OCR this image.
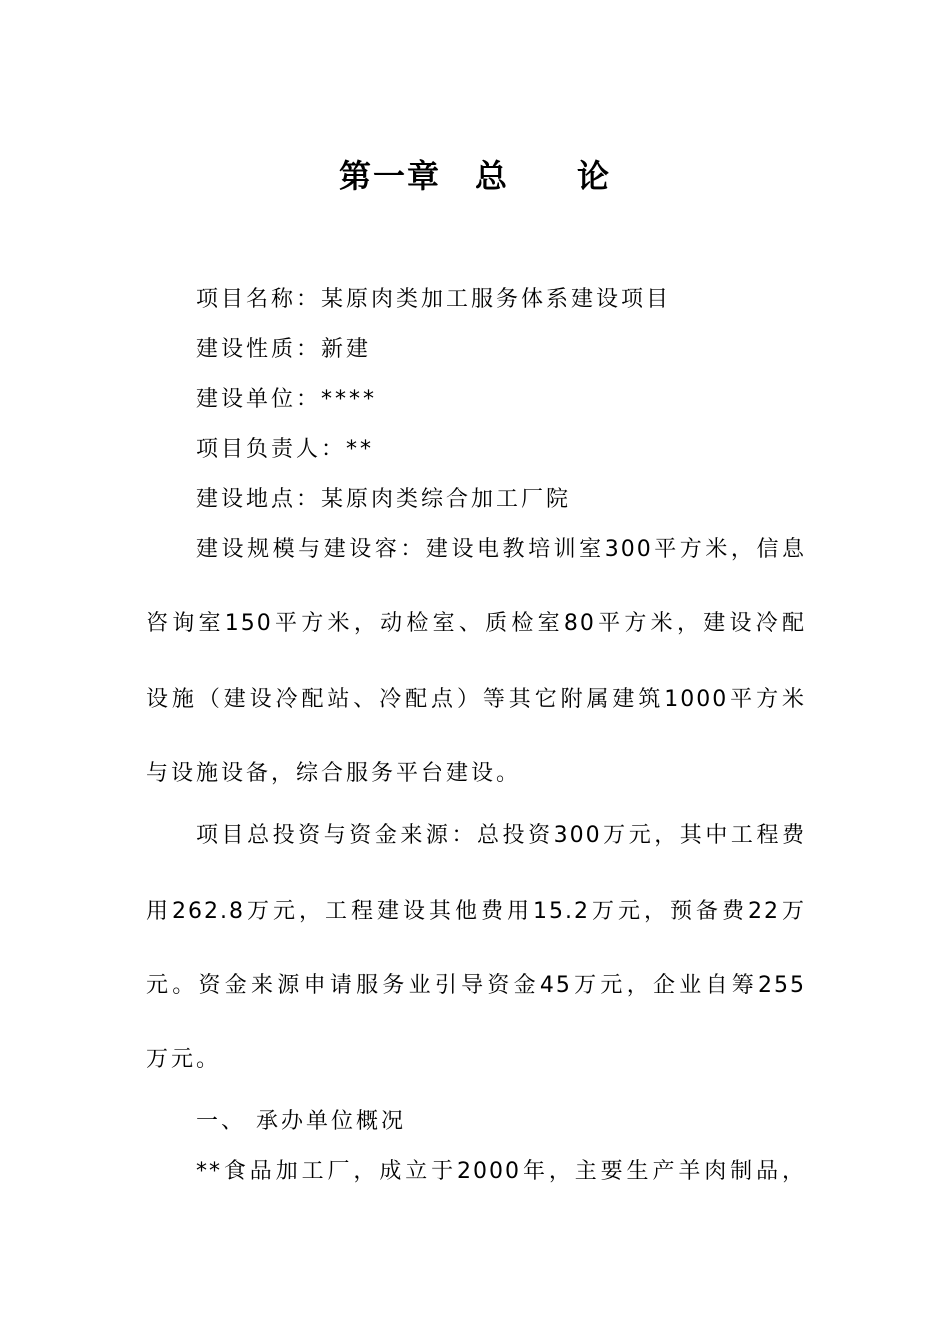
第一章　总　　论
项目名称：某原肉类加工服务体系建设项目
建设性质：新建
建设单位：****
项目负责人：**
建设地点：某原肉类综合加工厂院
建设规模与建设容：建设电教培训室300平方米，信息
咨询室150平方米，动检室、质检室80平方米，建设冷配
设施（建设冷配站、冷配点）等其它附属建筑1000平方米
与设施设备，综合服务平台建设。
项目总投资与资金来源：总投资300万元，其中工程费
用262.8万元，工程建设其他费用15.2万元，预备费22万
元。资金来源申请服务业引导资金45万元，企业自筹255
万元。
一、 承办单位概况
**食品加工厂，成立于2000年，主要生产羊肉制品，
